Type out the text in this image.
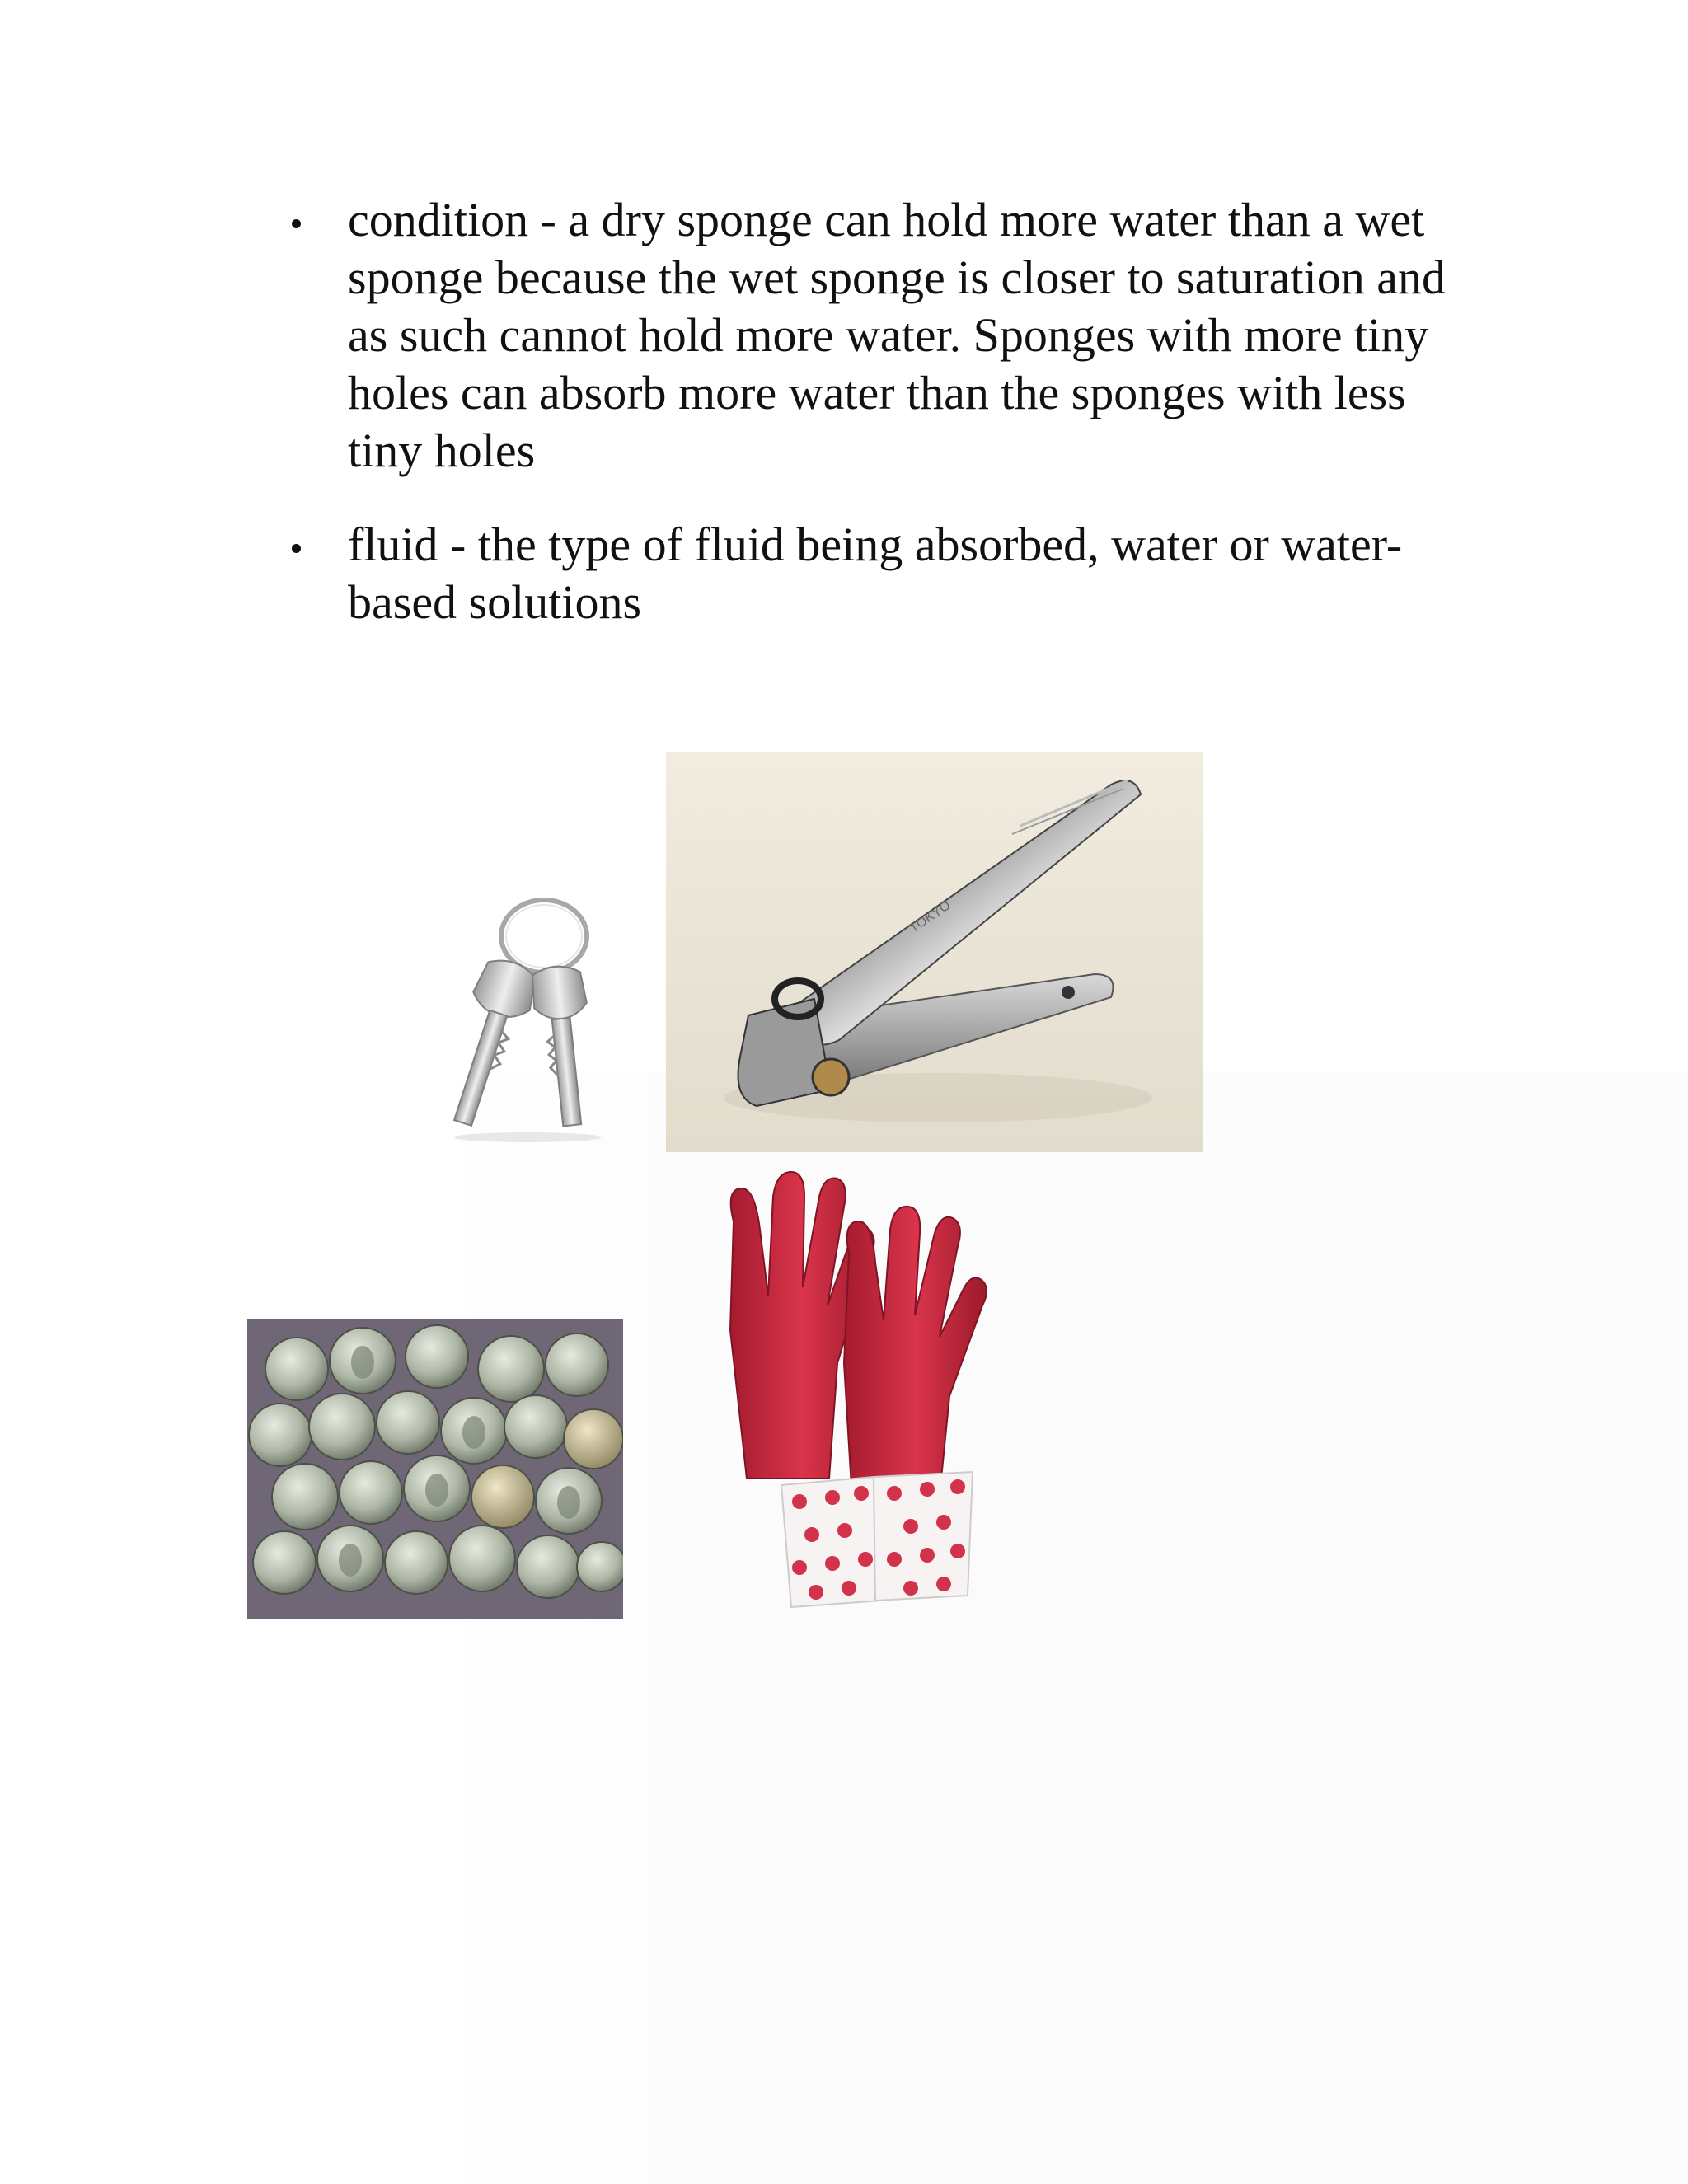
condition - a dry sponge can hold more water than a wet sponge because the wet sponge is closer to saturation and as such cannot hold more water. Sponges with more tiny holes can absorb more water than the sponges with less tiny holes
fluid - the type of fluid being absorbed, water or water-based solutions
TOKYO
